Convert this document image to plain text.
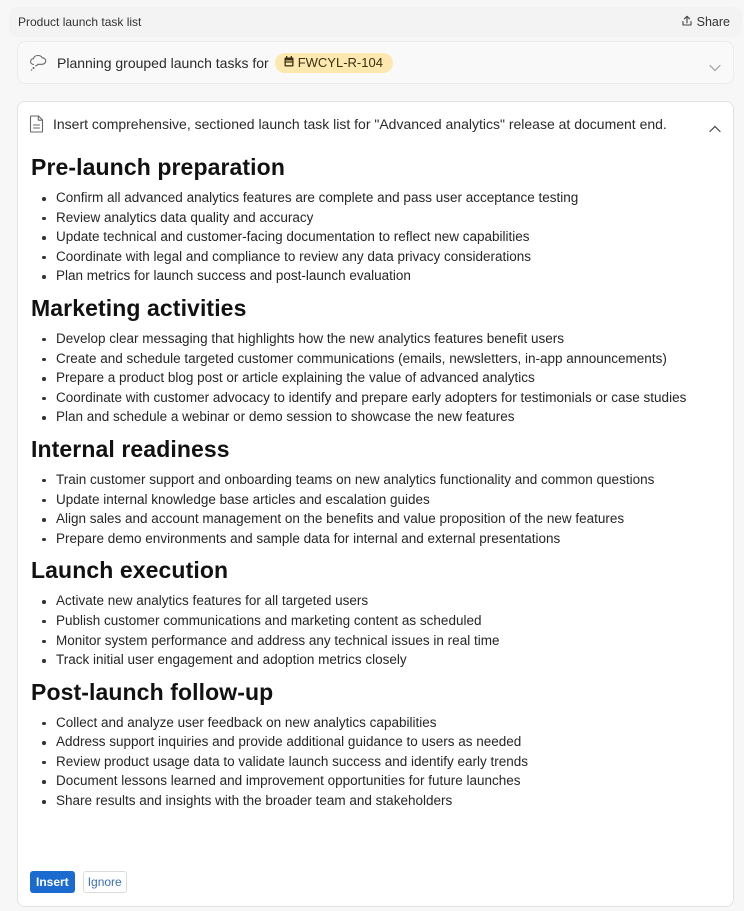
Product launch task list	Share
Planning grouped launch tasks for FWCYL-R-104
Insert comprehensive, sectioned launch task list for "Advanced analytics" release at document end.
Pre-launch preparation
Confirm all advanced analytics features are complete and pass user acceptance testing
Review analytics data quality and accuracy
Update technical and customer-facing documentation to reflect new capabilities
Coordinate with legal and compliance to review any data privacy considerations
Plan metrics for launch success and post-launch evaluation
Marketing activities
Develop clear messaging that highlights how the new analytics features benefit users
Create and schedule targeted customer communications (emails, newsletters, in-app announcements)
Prepare a product blog post or article explaining the value of advanced analytics
Coordinate with customer advocacy to identify and prepare early adopters for testimonials or case studies
Plan and schedule a webinar or demo session to showcase the new features
Internal readiness
Train customer support and onboarding teams on new analytics functionality and common questions
Update internal knowledge base articles and escalation guides
Align sales and account management on the benefits and value proposition of the new features
Prepare demo environments and sample data for internal and external presentations
Launch execution
Activate new analytics features for all targeted users
Publish customer communications and marketing content as scheduled
Monitor system performance and address any technical issues in real time
Track initial user engagement and adoption metrics closely
Post-launch follow-up
Collect and analyze user feedback on new analytics capabilities
Address support inquiries and provide additional guidance to users as needed
Review product usage data to validate launch success and identify early trends
Document lessons learned and improvement opportunities for future launches
Share results and insights with the broader team and stakeholders
Insert	Ignore
